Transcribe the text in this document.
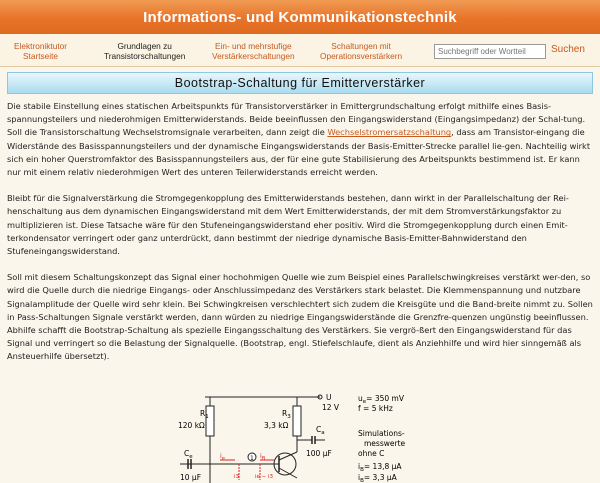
Informations- und Kommunikationstechnik
Elektroniktutor
Startseite
Grundlagen zu
Transistorschaltungen
Ein- und mehrstufige
Verstärkerschaltungen
Schaltungen mit
Operationsverstärkern
Suchbegriff oder Wortteil
Suchen
Bootstrap-Schaltung für Emitterverstärker

Die stabile Einstellung eines statischen Arbeitspunkts für Transistorverstärker in Emittergrundschaltung erfolgt mithilfe eines Basis-spannungsteilers und niederohmigen Emitterwiderstands. Beide beeinflussen den Eingangswiderstand (Eingangsimpedanz) der Schal-tung. Soll die Transistorschaltung Wechselstromsignale verarbeiten, dann zeigt die Wechselstromersatzschaltung, dass am Transistor-eingang die Widerstände des Basisspannungsteilers und der dynamische Eingangswiderstands der Basis-Emitter-Strecke parallel lie-gen. Nachteilig wirkt sich ein hoher Querstromfaktor des Basisspannungsteilers aus, der für eine gute Stabilisierung des Arbeitspunkts bestimmend ist. Er kann nur mit einem relativ niederohmigen Wert des unteren Teilerwiderstands erreicht werden.

Bleibt für die Signalverstärkung die Stromgegenkopplung des Emitterwiderstands bestehen, dann wirkt in der Parallelschaltung der Rei-henschaltung aus dem dynamischen Eingangswiderstand mit dem Wert Emitterwiderstands, der mit dem Stromverstärkungsfaktor zu multiplizieren ist. Diese Tatsache wäre für den Stufeneingangswiderstand eher positiv. Wird die Stromgegenkopplung durch einen Emit-terkondensator verringert oder ganz unterdrückt, dann bestimmt der niedrige dynamische Basis-Emitter-Bahnwiderstand den Stufeneingangswiderstand.

Soll mit diesem Schaltungskonzept das Signal einer hochohmigen Quelle wie zum Beispiel eines Parallelschwingkreises verstärkt wer-den, so wird die Quelle durch die niedrige Eingangs- oder Anschlussimpedanz des Verstärkers stark belastet. Die Klemmenspannung und nutzbare Signalamplitude der Quelle wird sehr klein. Bei Schwingkreisen verschlechtert sich zudem die Kreisgüte und die Band-breite nimmt zu. Sollen in Pass-Schaltungen Signale verstärkt werden, dann würden zu niedrige Eingangswiderstände die Grenzfre-quenzen ungünstig beeinflussen. Abhilfe schafft die Bootstrap-Schaltung als spezielle Eingangsschaltung des Verstärkers. Sie vergrö-ßert den Eingangswiderstand für das Signal und verringert so die Belastung der Signalquelle. (Bootstrap, engl. Stiefelschlaufe, dient als Anziehhilfe und wird hier sinngemäß als Ansteuerhilfe übersetzt).

1
$R_1$
120 kΩ
$R_3$
3,3 kΩ	$C_a$
100 µF
$C_e$
10 µF
$i_e$	$i_B$
i3	ie − i3
U
12 V
$u_e= 350$ mV
f = 5 kHz
Simulations-
messwerte
ohne C
$i_B= 13,8$ µA
$i_B= 3,3$ µA
